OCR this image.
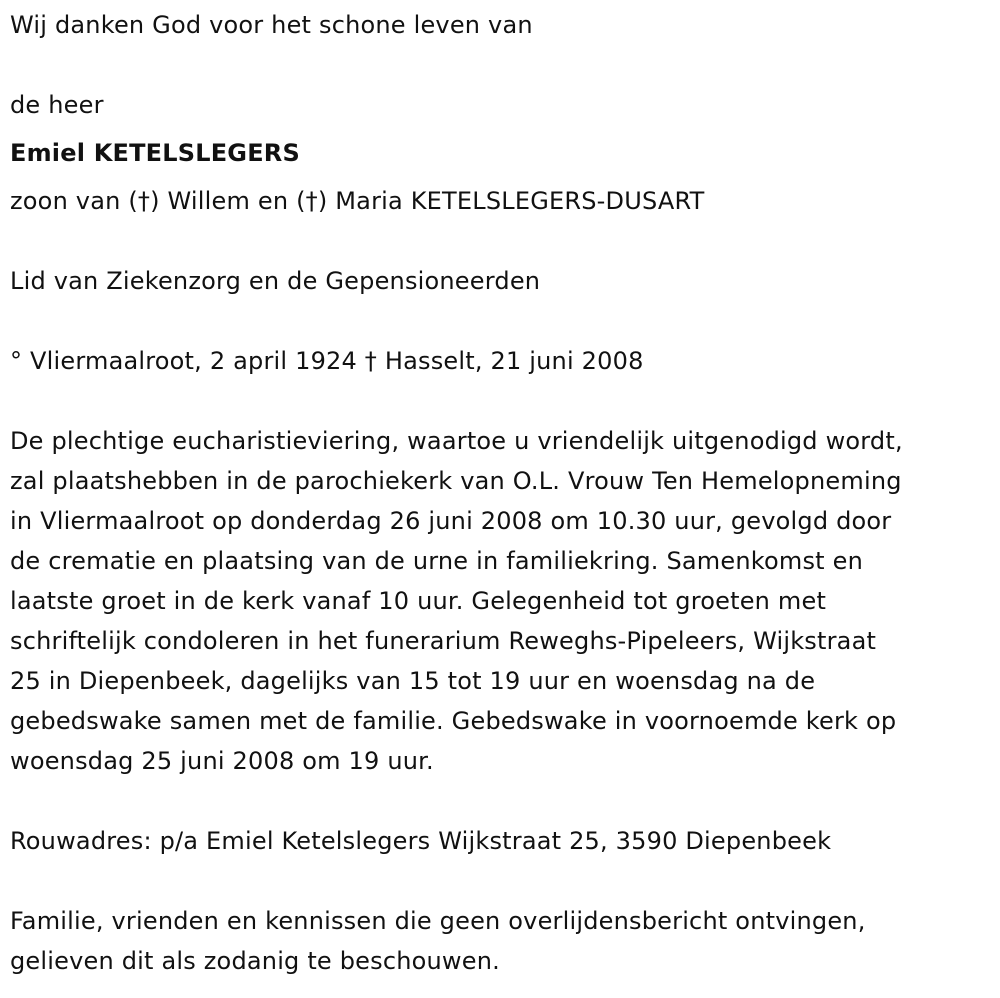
Wij danken God voor het schone leven van
de heer
Emiel KETELSLEGERS
zoon van (†) Willem en (†) Maria KETELSLEGERS-DUSART
Lid van Ziekenzorg en de Gepensioneerden
° Vliermaalroot, 2 april 1924 † Hasselt, 21 juni 2008
De plechtige eucharistieviering, waartoe u vriendelijk uitgenodigd wordt,
zal plaatshebben in de parochiekerk van O.L. Vrouw Ten Hemelopneming
in Vliermaalroot op donderdag 26 juni 2008 om 10.30 uur, gevolgd door
de crematie en plaatsing van de urne in familiekring. Samenkomst en
laatste groet in de kerk vanaf 10 uur. Gelegenheid tot groeten met
schriftelijk condoleren in het funerarium Reweghs-Pipeleers, Wijkstraat
25 in Diepenbeek, dagelijks van 15 tot 19 uur en woensdag na de
gebedswake samen met de familie. Gebedswake in voornoemde kerk op
woensdag 25 juni 2008 om 19 uur.
Rouwadres: p/a Emiel Ketelslegers Wijkstraat 25, 3590 Diepenbeek
Familie, vrienden en kennissen die geen overlijdensbericht ontvingen,
gelieven dit als zodanig te beschouwen.
